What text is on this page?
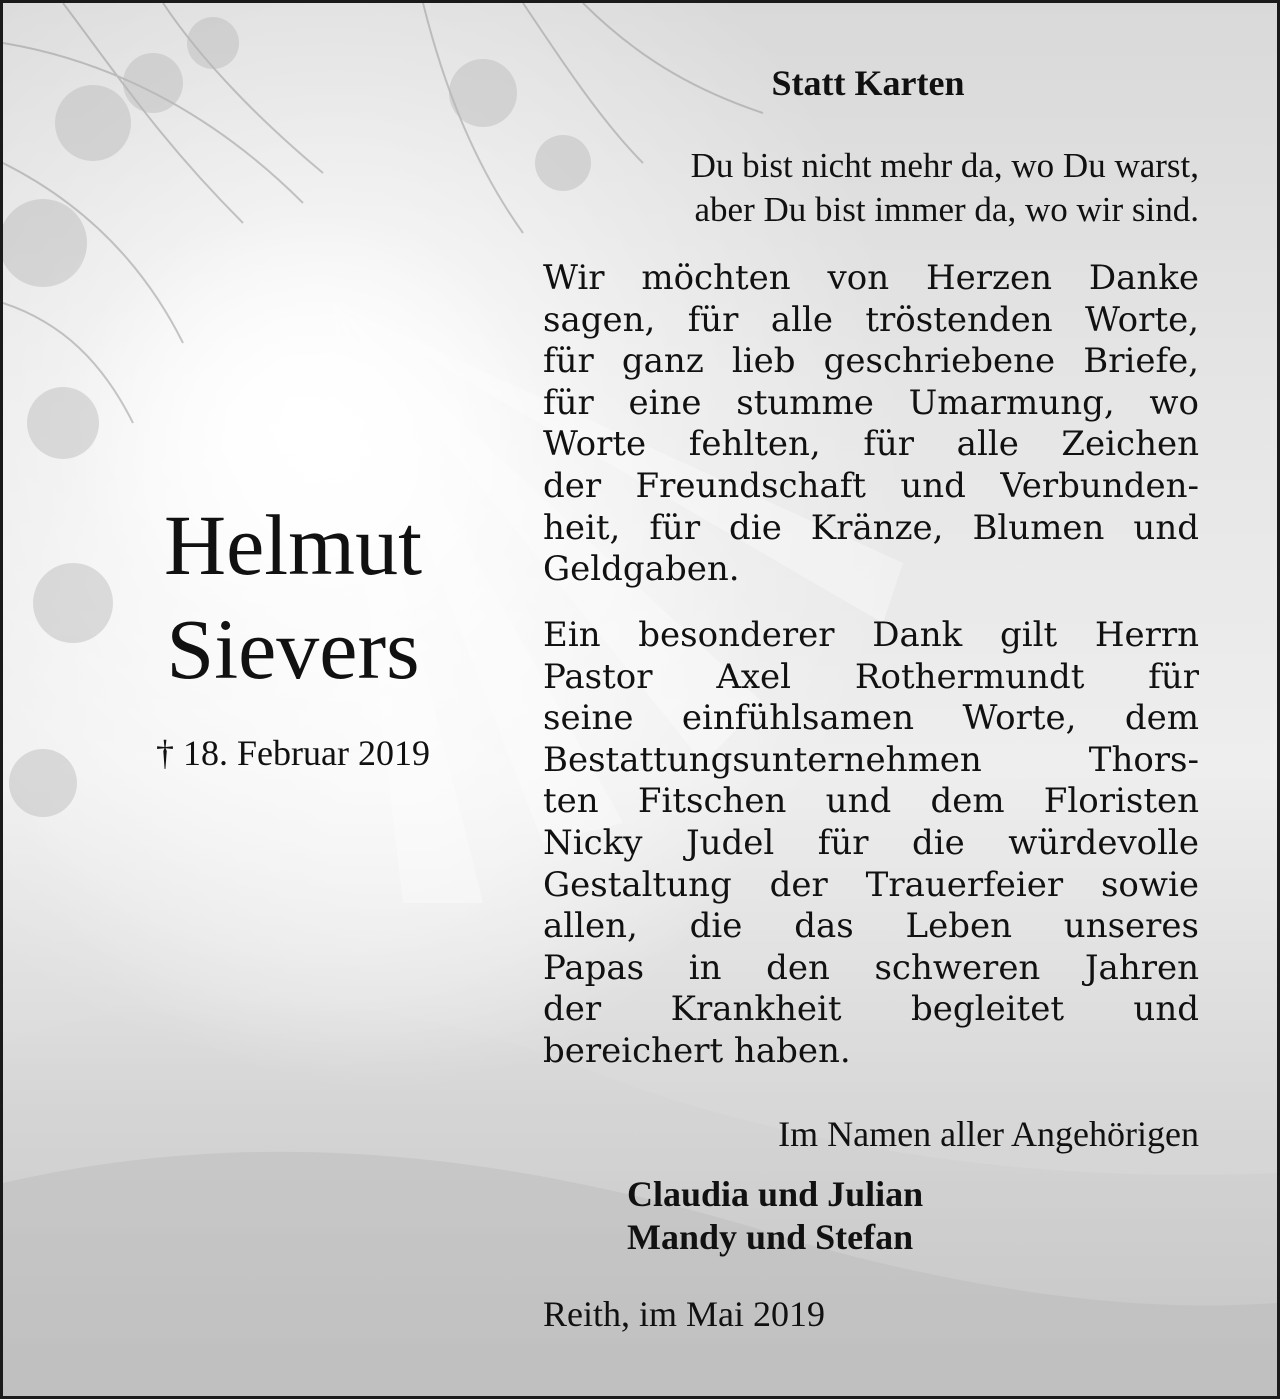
Statt Karten
Du bist nicht mehr da, wo Du warst,
aber Du bist immer da, wo wir sind.
Helmut
Sievers

† 18. Februar 2019

Wir möchten von Herzen Danke
sagen, für alle tröstenden Worte,
für ganz lieb geschriebene Briefe,
für eine stumme Umarmung, wo
Worte fehlten, für alle Zeichen
der Freundschaft und Verbunden-
heit, für die Kränze, Blumen und
Geldgaben.
Ein besonderer Dank gilt Herrn
Pastor Axel Rothermundt für
seine einfühlsamen Worte, dem
Bestattungsunternehmen Thors-
ten Fitschen und dem Floristen
Nicky Judel für die würdevolle
Gestaltung der Trauerfeier sowie
allen, die das Leben unseres
Papas in den schweren Jahren
der Krankheit begleitet und
bereichert haben.

Im Namen aller Angehörigen

Claudia und Julian
Mandy und Stefan

Reith, im Mai 2019
